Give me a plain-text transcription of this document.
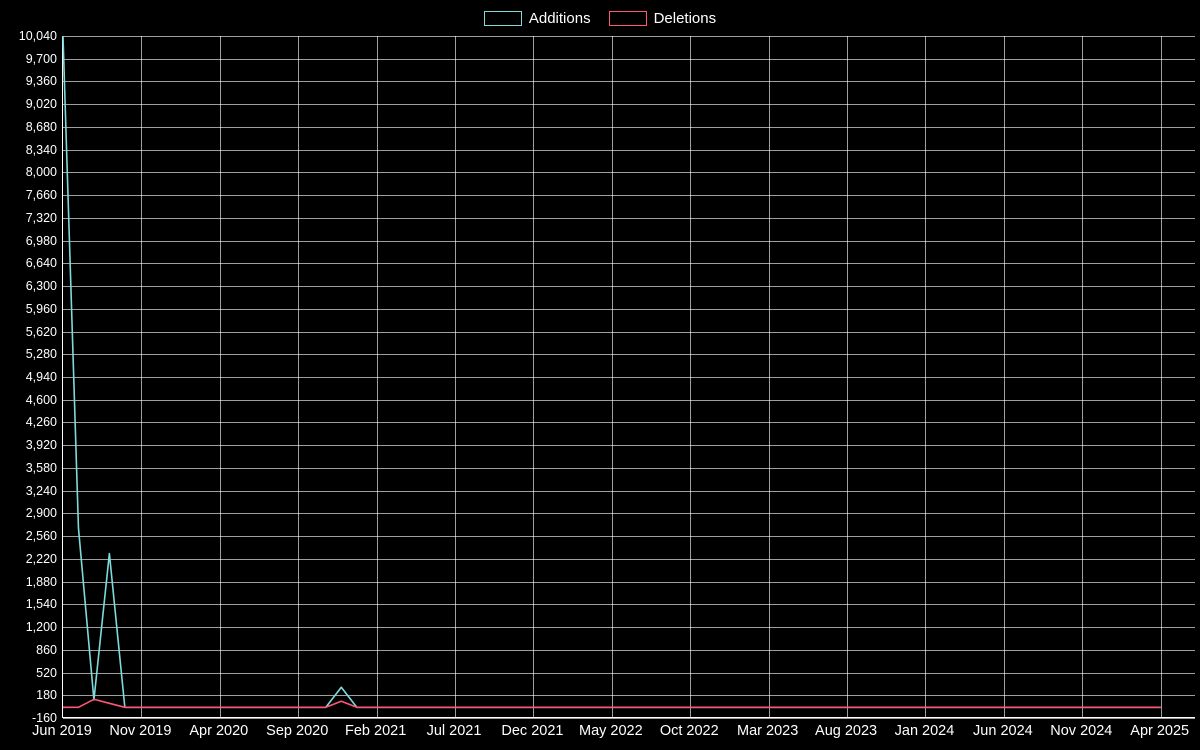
Additions	Deletions
10,040
9,700
9,360
9,020
8,680
8,340
8,000
7,660
7,320
6,980
6,640
6,300
5,960
5,620
5,280
4,940
4,600
4,260
3,920
3,580
3,240
2,900
2,560
2,220
1,880
1,540
1,200
860
520
180
-160
Jun 2019 Nov 2019 Apr 2020 Sep 2020 Feb 2021 Jul 2021 Dec 2021 May 2022 Oct 2022 Mar 2023 Aug 2023 Jan 2024 Jun 2024 Nov 2024 Apr 2025
